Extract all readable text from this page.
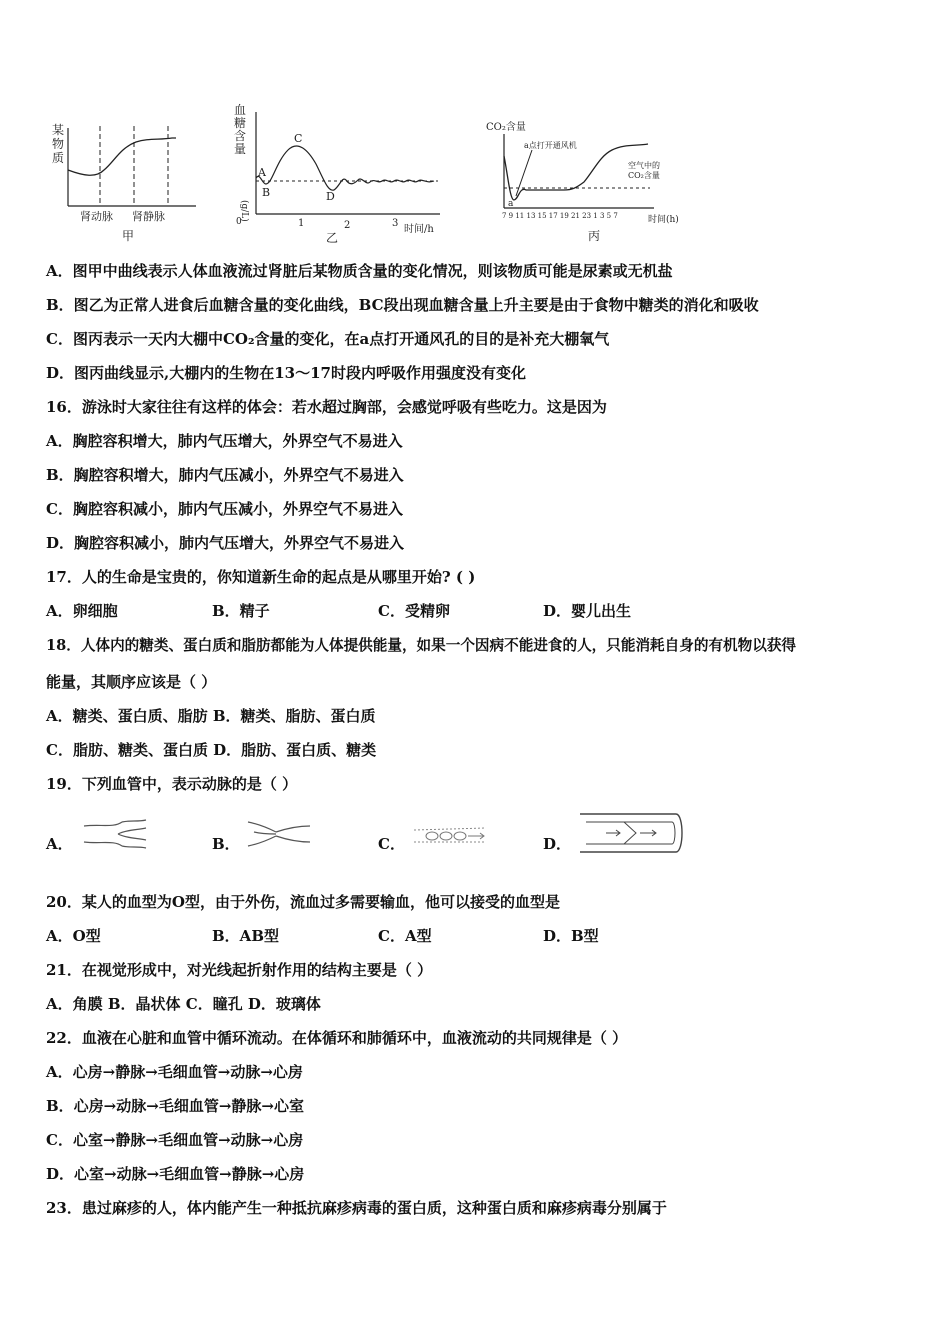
某
物
质
肾动脉 肾静脉
甲
血
糖
含
量
(g/L)
A
B
C
D
0	1	2	3
时间/h
乙
CO₂含量
a点打开通风机
空气中的
CO₂含量
a
7 9 11 13 15 17 19 21 23 1 3 5 7	时间(h)
丙
A．图甲中曲线表示人体血液流过肾脏后某物质含量的变化情况，则该物质可能是尿素或无机盐
B．图乙为正常人进食后血糖含量的变化曲线，BC段出现血糖含量上升主要是由于食物中糖类的消化和吸收
C．图丙表示一天内大棚中CO₂含量的变化，在a点打开通风孔的目的是补充大棚氧气
D．图丙曲线显示,大棚内的生物在13～17时段内呼吸作用强度没有变化
16．游泳时大家往往有这样的体会：若水超过胸部，会感觉呼吸有些吃力。这是因为
A．胸腔容积增大，肺内气压增大，外界空气不易进入
B．胸腔容积增大，肺内气压减小，外界空气不易进入
C．胸腔容积减小，肺内气压减小，外界空气不易进入
D．胸腔容积减小，肺内气压增大，外界空气不易进入
17．人的生命是宝贵的，你知道新生命的起点是从哪里开始? ( )
A．卵细胞	B．精子	C．受精卵	D．婴儿出生
18．人体内的糖类、蛋白质和脂肪都能为人体提供能量，如果一个因病不能进食的人，只能消耗自身的有机物以获得
能量，其顺序应该是（ ）
A．糖类、蛋白质、脂肪 B．糖类、脂肪、蛋白质
C．脂肪、糖类、蛋白质 D．脂肪、蛋白质、糖类
19．下列血管中，表示动脉的是（ ）
A．	B．	C．	D．
20．某人的血型为O型，由于外伤，流血过多需要输血，他可以接受的血型是
A．O型	B．AB型	C．A型	D．B型
21．在视觉形成中，对光线起折射作用的结构主要是（ ）
A．角膜 B．晶状体 C．瞳孔 D．玻璃体
22．血液在心脏和血管中循环流动。在体循环和肺循环中，血液流动的共同规律是（ ）
A．心房→静脉→毛细血管→动脉→心房
B．心房→动脉→毛细血管→静脉→心室
C．心室→静脉→毛细血管→动脉→心房
D．心室→动脉→毛细血管→静脉→心房
23．患过麻疹的人，体内能产生一种抵抗麻疹病毒的蛋白质，这种蛋白质和麻疹病毒分别属于
